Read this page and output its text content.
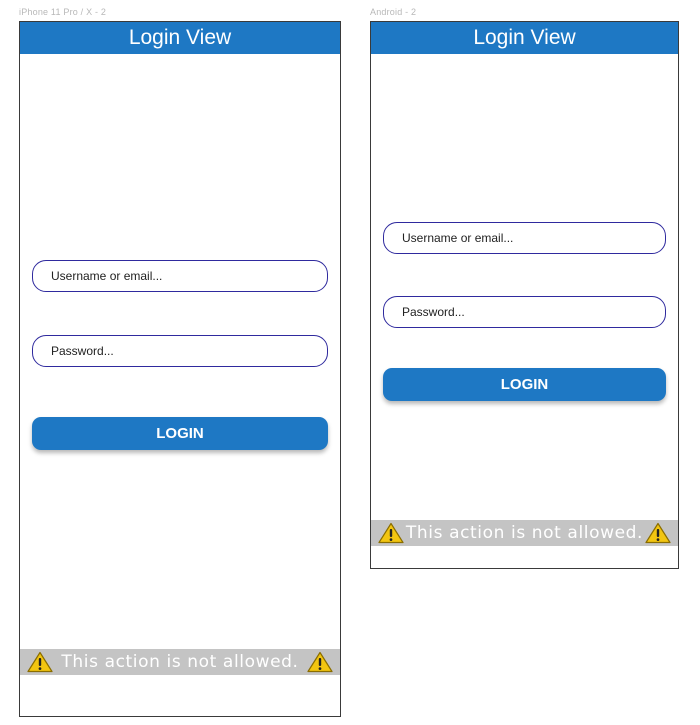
iPhone 11 Pro / X - 2
Login View
Username or email...
LOGIN
This action is not allowed.
Android - 2
Login View
Username or email...
LOGIN
This action is not allowed.
